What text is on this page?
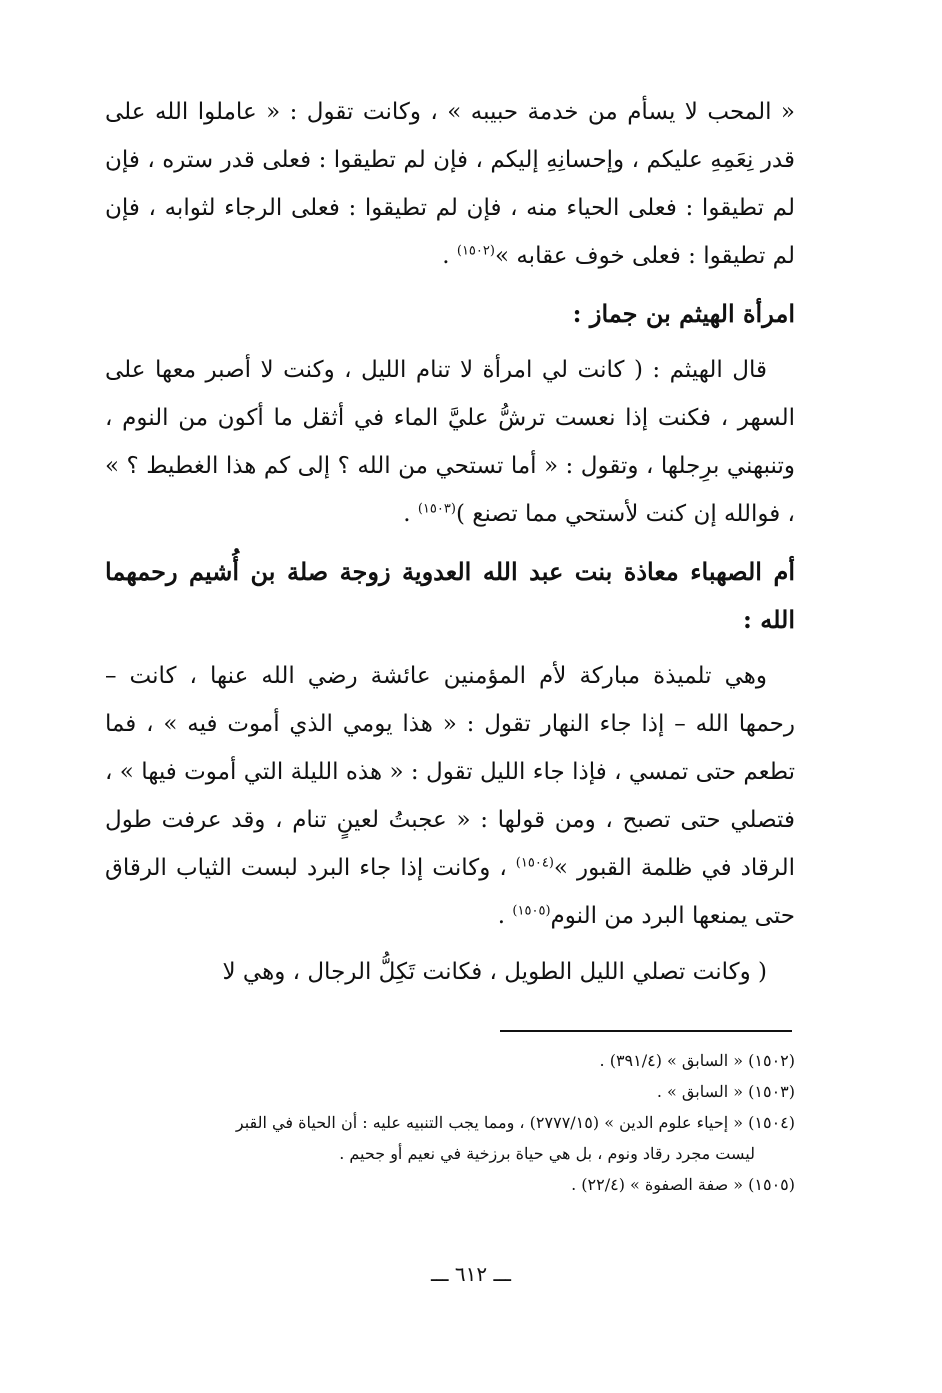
« المحب لا يسأم من خدمة حبيبه » ، وكانت تقول : « عاملوا الله على قدر نِعَمِهِ عليكم ، وإحسانِهِ إليكم ، فإن لم تطيقوا : فعلى قدر ستره ، فإن لم تطيقوا : فعلى الحياء منه ، فإن لم تطيقوا : فعلى الرجاء لثوابه ، فإن لم تطيقوا : فعلى خوف عقابه »$^{(١٥٠٢)}$ .

امرأة الهيثم بن جماز :

قال الهيثم : ( كانت لي امرأة لا تنام الليل ، وكنت لا أصبر معها على السهر ، فكنت إذا نعست ترشُّ عليَّ الماء في أثقل ما أكون من النوم ، وتنبهني برِجلها ، وتقول : « أما تستحي من الله ؟ إلى كم هذا الغطيط ؟ » ، فوالله إن كنت لأستحي مما تصنع )$^{(١٥٠٣)}$ .

أم الصهباء معاذة بنت عبد الله العدوية زوجة صلة بن أُشيم رحمهما الله :

وهي تلميذة مباركة لأم المؤمنين عائشة رضي الله عنها ، كانت – رحمها الله – إذا جاء النهار تقول : « هذا يومي الذي أموت فيه » ، فما تطعم حتى تمسي ، فإذا جاء الليل تقول : « هذه الليلة التي أموت فيها » ، فتصلي حتى تصبح ، ومن قولها : « عجبتُ لعينٍ تنام ، وقد عرفت طول الرقاد في ظلمة القبور »$^{(١٥٠٤)}$ ، وكانت إذا جاء البرد لبست الثياب الرقاق حتى يمنعها البرد من النوم$^{(١٥٠٥)}$ .

( وكانت تصلي الليل الطويل ، فكانت تَكِلُّ الرجال ، وهي لا

(١٥٠٢) « السابق » (٣٩١/٤) .

(١٥٠٣) « السابق » .

(١٥٠٤) « إحياء علوم الدين » (٢٧٧٧/١٥) ، ومما يجب التنبيه عليه : أن الحياة في القبر

ليست مجرد رقاد ونوم ، بل هي حياة برزخية في نعيم أو جحيم .

(١٥٠٥) « صفة الصفوة » (٢٢/٤) .

ـــ ٦١٢ ـــ
